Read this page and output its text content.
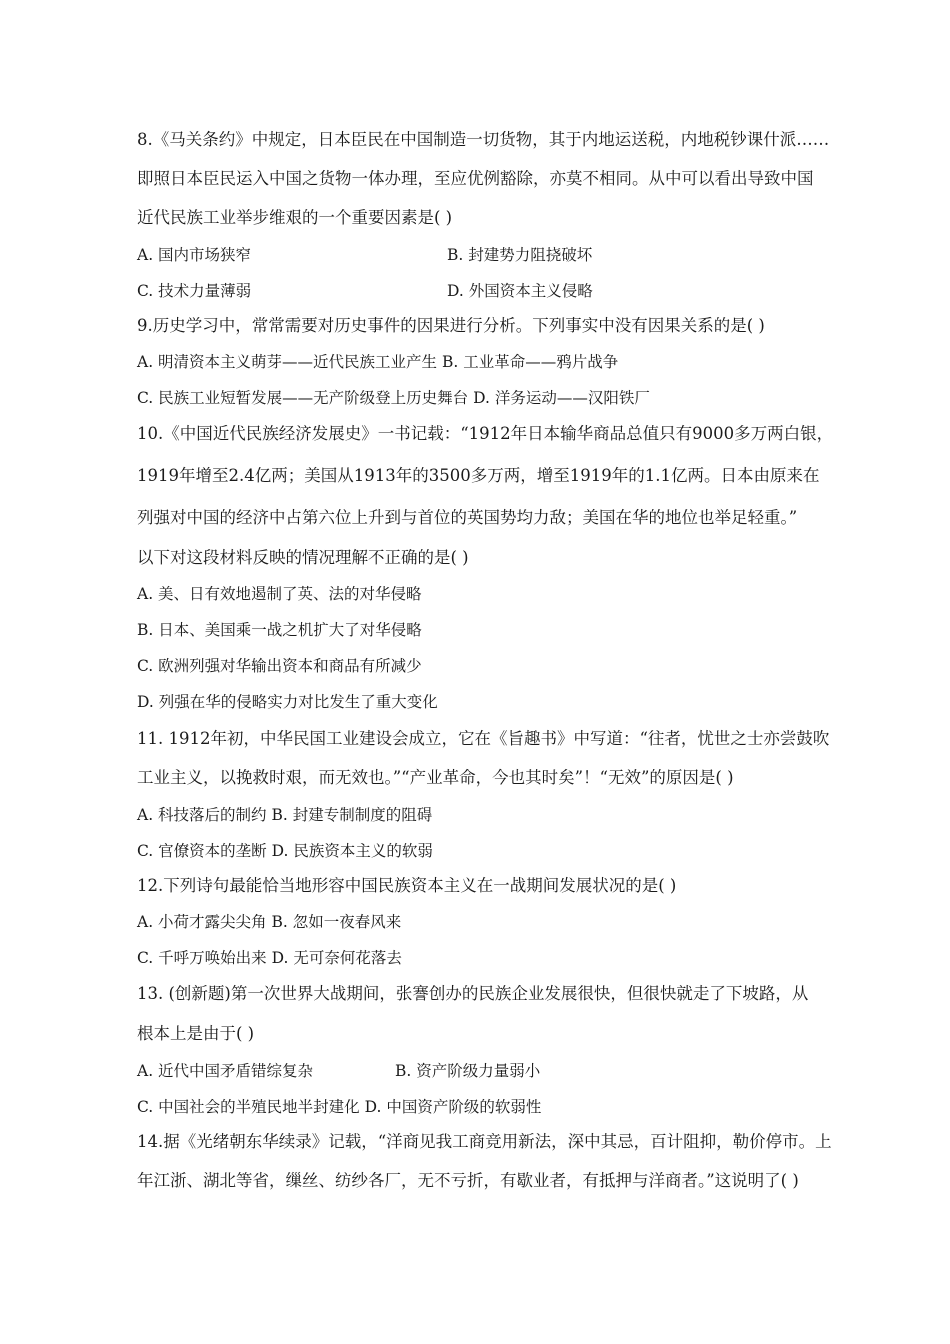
8.《马关条约》中规定，日本臣民在中国制造一切货物，其于内地运送税，内地税钞课什派……
即照日本臣民运入中国之货物一体办理，至应优例豁除，亦莫不相同。从中可以看出导致中国
近代民族工业举步维艰的一个重要因素是( )
A. 国内市场狭窄	B. 封建势力阻挠破坏
C. 技术力量薄弱	D. 外国资本主义侵略
9.历史学习中，常常需要对历史事件的因果进行分析。下列事实中没有因果关系的是( )
A. 明清资本主义萌芽——近代民族工业产生 B. 工业革命——鸦片战争
C. 民族工业短暂发展——无产阶级登上历史舞台 D. 洋务运动——汉阳铁厂
10.《中国近代民族经济发展史》一书记载：“1912年日本输华商品总值只有9000多万两白银，
1919年增至2.4亿两；美国从1913年的3500多万两，增至1919年的1.1亿两。日本由原来在
列强对中国的经济中占第六位上升到与首位的英国势均力敌；美国在华的地位也举足轻重。”
以下对这段材料反映的情况理解不正确的是( )
A. 美、日有效地遏制了英、法的对华侵略
B. 日本、美国乘一战之机扩大了对华侵略
C. 欧洲列强对华输出资本和商品有所减少
D. 列强在华的侵略实力对比发生了重大变化
11. 1912年初，中华民国工业建设会成立，它在《旨趣书》中写道：“往者，忧世之士亦尝鼓吹
工业主义，以挽救时艰，而无效也。”“产业革命，今也其时矣”！“无效”的原因是( )
A. 科技落后的制约 B. 封建专制制度的阻碍
C. 官僚资本的垄断 D. 民族资本主义的软弱
12.下列诗句最能恰当地形容中国民族资本主义在一战期间发展状况的是( )
A. 小荷才露尖尖角 B. 忽如一夜春风来
C. 千呼万唤始出来 D. 无可奈何花落去
13. (创新题)第一次世界大战期间，张謇创办的民族企业发展很快，但很快就走了下坡路，从
根本上是由于( )
A. 近代中国矛盾错综复杂	B. 资产阶级力量弱小
C. 中国社会的半殖民地半封建化 D. 中国资产阶级的软弱性
14.据《光绪朝东华续录》记载，“洋商见我工商竞用新法，深中其忌，百计阻抑，勒价停市。上
年江浙、湖北等省，缫丝、纺纱各厂，无不亏折，有歇业者，有抵押与洋商者。”这说明了( )
